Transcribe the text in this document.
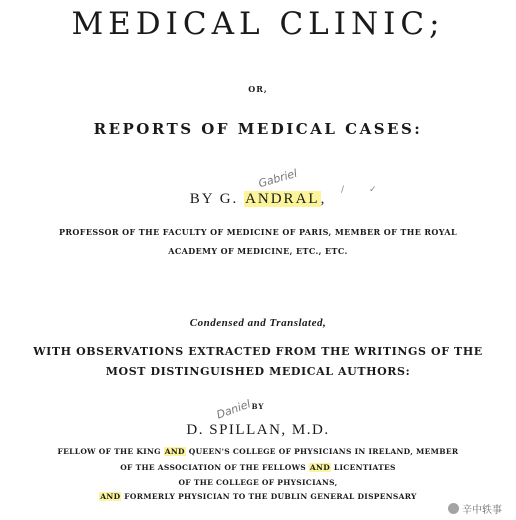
MEDICAL CLINIC;
OR,
REPORTS OF MEDICAL CASES:
BY G. ANDRAL,
Gabriel	/	✓
PROFESSOR OF THE FACULTY OF MEDICINE OF PARIS, MEMBER OF THE ROYAL
ACADEMY OF MEDICINE, ETC., ETC.
Condensed and Translated,
WITH OBSERVATIONS EXTRACTED FROM THE WRITINGS OF THE
MOST DISTINGUISHED MEDICAL AUTHORS:
BY
Daniel
D. SPILLAN, M.D.
FELLOW OF THE KING AND QUEEN'S COLLEGE OF PHYSICIANS IN IRELAND, MEMBER
OF THE ASSOCIATION OF THE FELLOWS AND LICENTIATES
OF THE COLLEGE OF PHYSICIANS,
AND FORMERLY PHYSICIAN TO THE DUBLIN GENERAL DISPENSARY
辛中轶事
